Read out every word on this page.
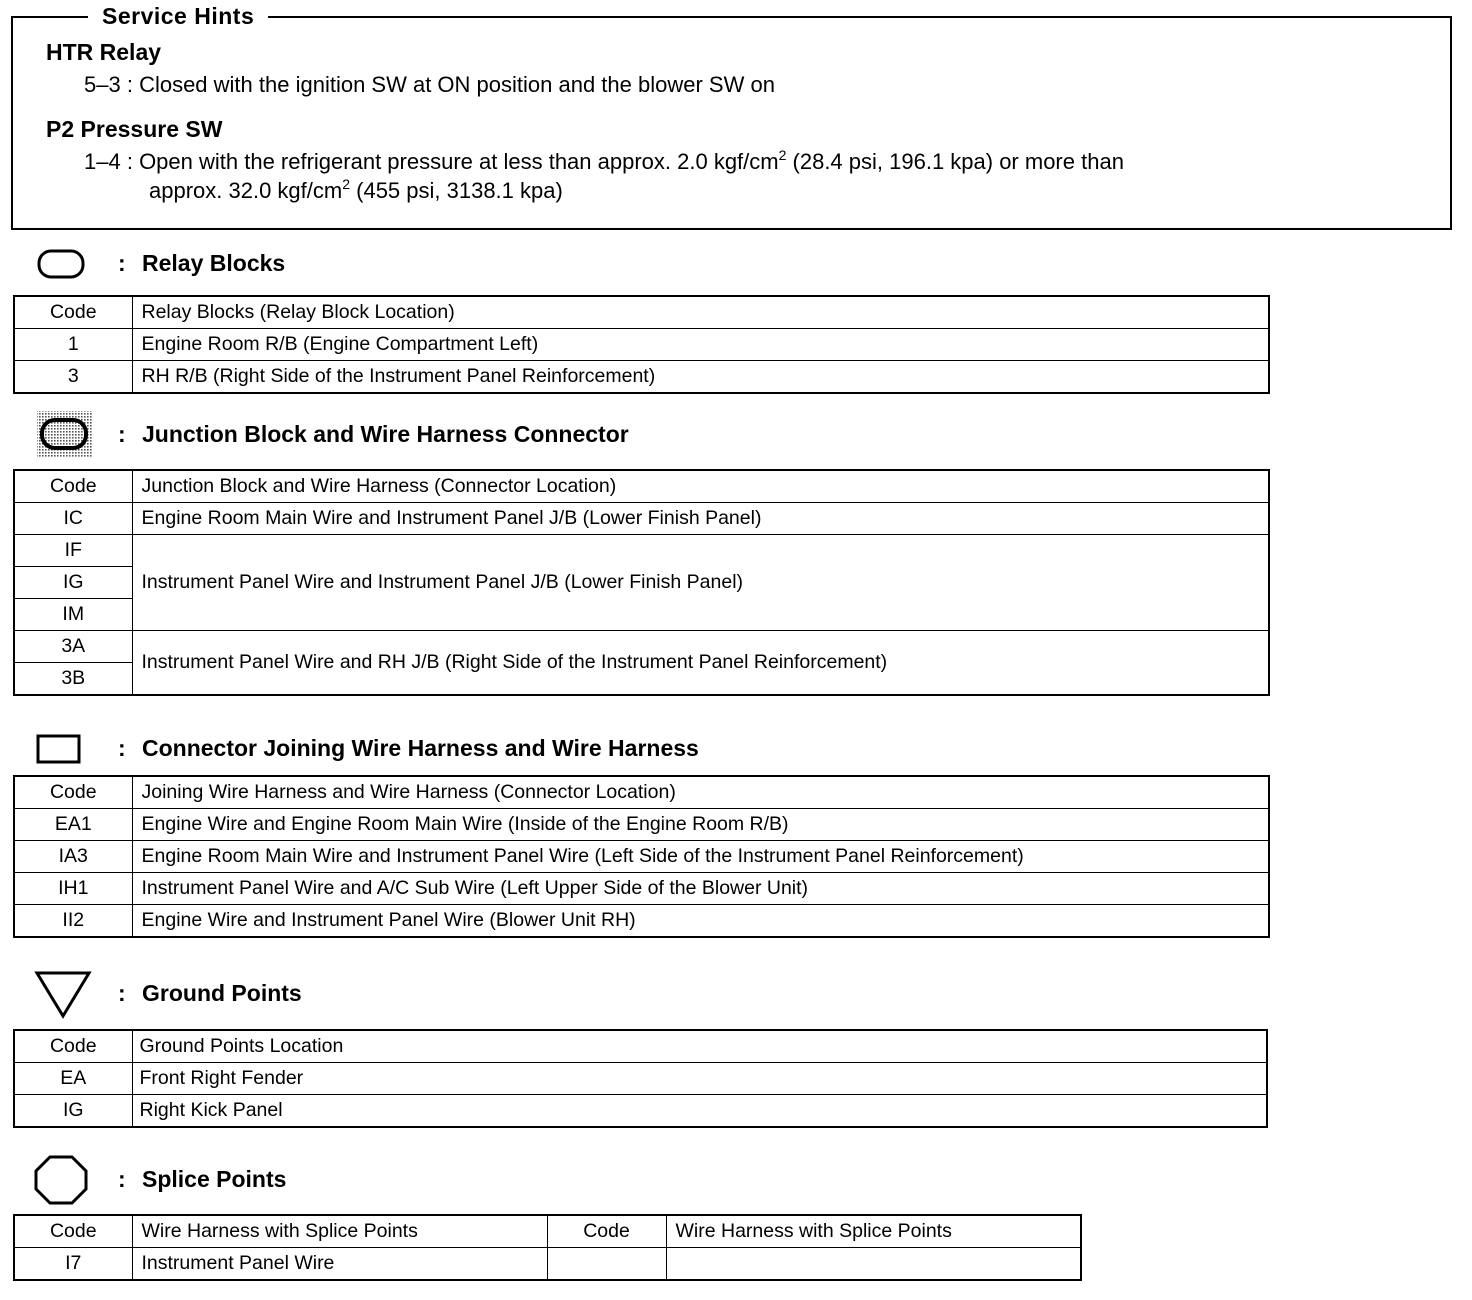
Service Hints
HTR Relay
5–3 : Closed with the ignition SW at ON position and the blower SW on
P2 Pressure SW
1–4 : Open with the refrigerant pressure at less than approx. 2.0 kgf/$cm^2$ (28.4 psi, 196.1 kpa) or more than
approx. 32.0 kgf/$cm^2$ (455 psi, 3138.1 kpa)
: Relay Blocks
Code	Relay Blocks (Relay Block Location)
1	Engine Room R/B (Engine Compartment Left)
3	RH R/B (Right Side of the Instrument Panel Reinforcement)
: Junction Block and Wire Harness Connector
Code	Junction Block and Wire Harness (Connector Location)
IC	Engine Room Main Wire and Instrument Panel J/B (Lower Finish Panel)
IF	Instrument Panel Wire and Instrument Panel J/B (Lower Finish Panel)
IG	
IM	
3A	Instrument Panel Wire and RH J/B (Right Side of the Instrument Panel Reinforcement)
3B	
: Connector Joining Wire Harness and Wire Harness
Code	Joining Wire Harness and Wire Harness (Connector Location)
EA1	Engine Wire and Engine Room Main Wire (Inside of the Engine Room R/B)
IA3	Engine Room Main Wire and Instrument Panel Wire (Left Side of the Instrument Panel Reinforcement)
IH1	Instrument Panel Wire and A/C Sub Wire (Left Upper Side of the Blower Unit)
II2	Engine Wire and Instrument Panel Wire (Blower Unit RH)
: Ground Points
Code	Ground Points Location
EA	Front Right Fender
IG	Right Kick Panel
: Splice Points
Code	Wire Harness with Splice Points	Code	Wire Harness with Splice Points
I7	Instrument Panel Wire		
